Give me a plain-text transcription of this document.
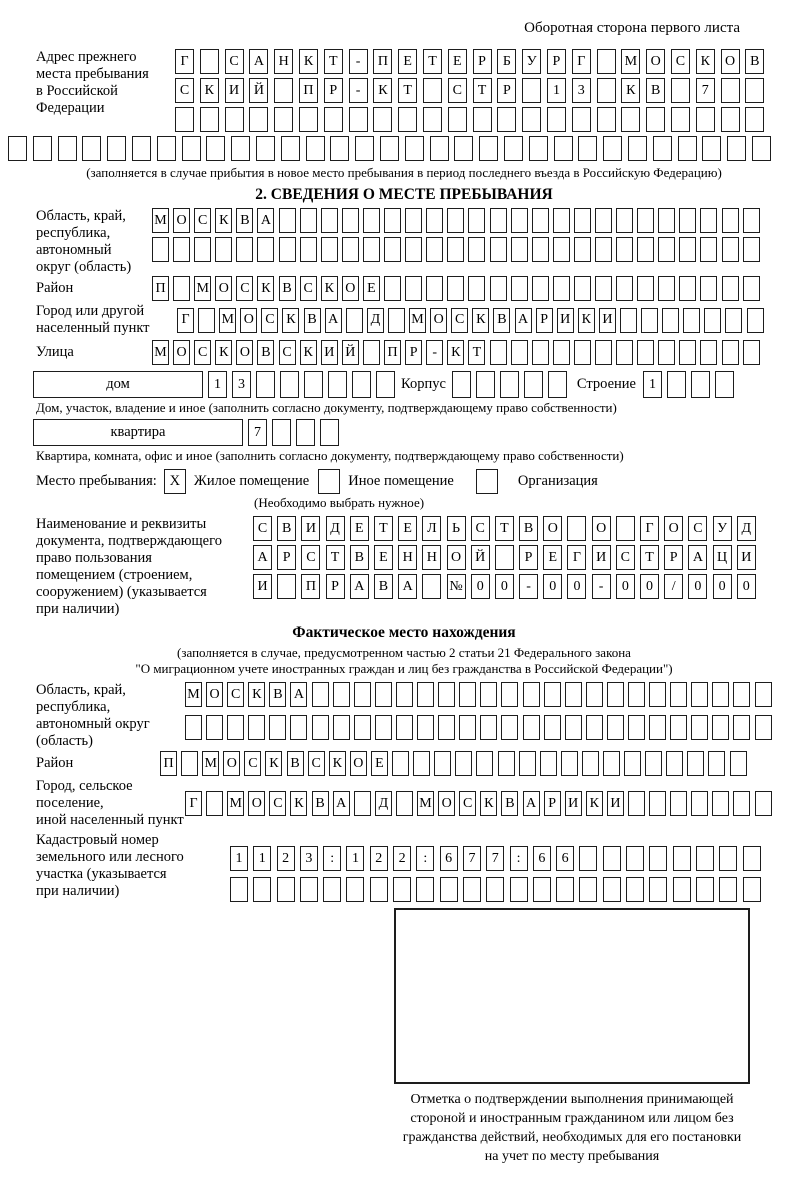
Оборотная сторона первого листа
Адрес прежнего
места пребывания
в Российской
Федерации
Г	С	А	Н	К	Т	-	П	Е	Т	Е	Р	Б	У	Р	Г	М О	С	К	О	В
С	К	И	Й	П	Р	-	К	Т	С	Т	Р	1	3	К	В	7
(заполняется в случае прибытия в новое место пребывания в период последнего въезда в Российскую Федерацию)
2. СВЕДЕНИЯ О МЕСТЕ ПРЕБЫВАНИЯ
Область, край,
республика,
автономный
округ (область)
М О С К В А
Район	П М О С К В С К О Е
Город или другой
населенный пункт
Г	М О С К В А Д М О С К В А Р И К И
Улица	М О С К О В С К И Й П Р	-	К Т
дом	1	3	Корпус	Строение 1
Дом, участок, владение и иное (заполнить согласно документу, подтверждающему право собственности)
квартира	7
Квартира, комната, офис и иное (заполнить согласно документу, подтверждающему право собственности)
Место пребывания: X Жилое помещение	Иное помещение	Организация
(Необходимо выбрать нужное)
Наименование и реквизиты
документа, подтверждающего
право пользования
помещением (строением,
сооружением) (указывается
при наличии)
С	В	И	Д	Е	Т	Е	Л	Ь	С	Т	В	О	О	Г	О	С	У	Д
А	Р	С	Т	В	Е	Н	Н	О	Й	Р	Е	Г	И	С	Т	Р	А	Ц	И
И	П	Р	А	В	А	№	0	0	-	0	0	-	0	0	/	0	0	0
Фактическое место нахождения
(заполняется в случае, предусмотренном частью 2 статьи 21 Федерального закона
"О миграционном учете иностранных граждан и лиц без гражданства в Российской Федерации")
Область, край,
республика,
автономный округ
(область)
М О С К В А
Район	П М О С К В С К О Е
Город, сельское поселение,
иной населенный пункт
Г	М О С К В А Д М О С К В А Р И К И
Кадастровый номер
земельного или лесного
участка (указывается
при наличии)
1	1	2	3	:	1	2	2	:	6	7	7	:	6	6
Отметка о подтверждении выполнения принимающей
стороной и иностранным гражданином или лицом без
гражданства действий, необходимых для его постановки
на учет по месту пребывания
